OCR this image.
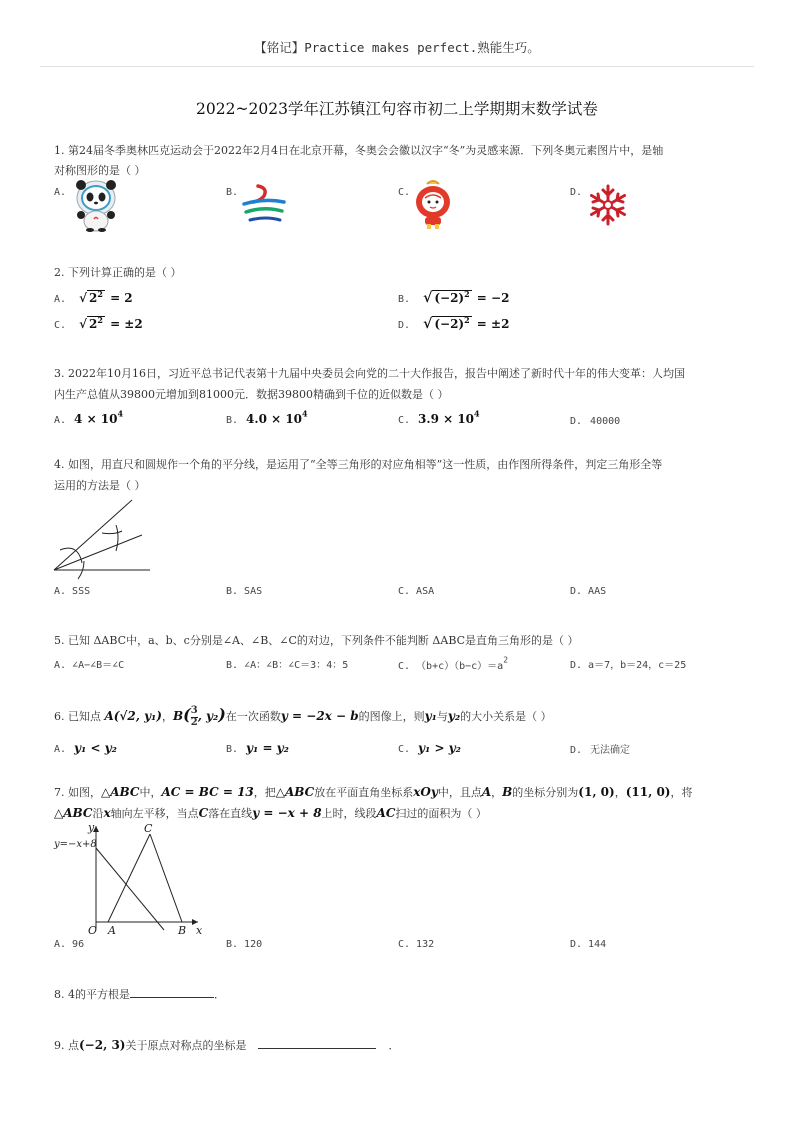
【铭记】Practice makes perfect.熟能生巧。
2022~2023学年江苏镇江句容市初二上学期期末数学试卷
1. 第24届冬季奥林匹克运动会于2022年2月4日在北京开幕，冬奥会会徽以汉字“冬”为灵感来源．下列冬奥元素图片中，是轴
对称图形的是（ ）
A.	B.	C.	D.
2. 下列计算正确的是（ ）
A. √ $2^2 = 2$	B. √ $(-2)^2 = -2$
C. √ $2^2 = \pm 2$	D. √ $(-2)^2 = \pm 2$
3. 2022年10月16日，习近平总书记代表第十九届中央委员会向党的二十大作报告，报告中阐述了新时代十年的伟大变革：人均国
内生产总值从39800元增加到81000元．数据39800精确到千位的近似数是（ ）
A. $4 \times 10^4$
B. $4.0 \times 10^4$
C. $3.9 \times 10^4$
D. 40000
4. 如图，用直尺和圆规作一个角的平分线，是运用了“全等三角形的对应角相等”这一性质，由作图所得条件，判定三角形全等
运用的方法是（ ）
A. SSS	B. SAS	C. ASA	D. AAS
5. 已知 ΔABC中，a、b、c分别是∠A、∠B、∠C的对边，下列条件不能判断 ΔABC是直角三角形的是（ ）
A. ∠A−∠B＝∠C	B. ∠A：∠B：∠C＝3：4：5	C. $(b+c)(b-c)=a^2$	D. a＝7，b＝24，c＝25
6. 已知点 A(√2, y₁)，$B( \frac{3}{2}$ , y₂)在一次函数y = −2x − b的图像上，则y₁与y₂的大小关系是（ ）
A. y₁ < y₂	B. y₁ = y₂	C. y₁ > y₂	D. 无法确定
7. 如图，△ABC中，AC = BC = 13，把△ABC放在平面直角坐标系xOy中，且点A，B的坐标分别为(1, 0)，(11, 0)，将
△ABC沿x轴向左平移，当点C落在直线y = −x + 8上时，线段AC扫过的面积为（ ）
y=−x+8
y
x
O A	B
C
A. 96	B. 120	C. 132	D. 144
8. 4的平方根是	．
9. 点(−2, 3)关于原点对称点的坐标是	．
